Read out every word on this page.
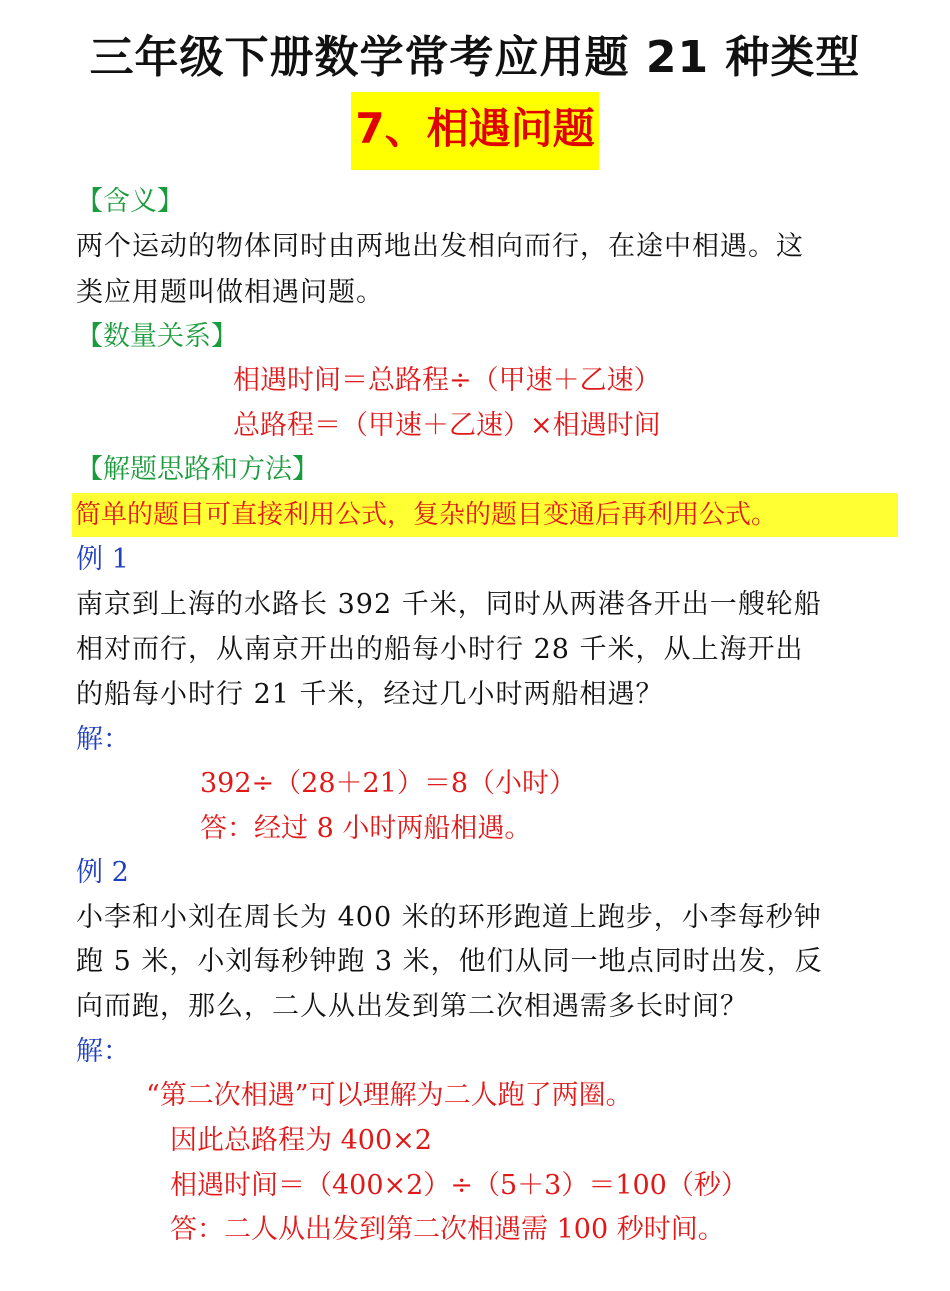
三年级下册数学常考应用题 21 种类型
7、相遇问题
【含义】
两个运动的物体同时由两地出发相向而行，在途中相遇。这
类应用题叫做相遇问题。
【数量关系】
相遇时间＝总路程÷（甲速＋乙速）
总路程＝（甲速＋乙速）×相遇时间
【解题思路和方法】
简单的题目可直接利用公式，复杂的题目变通后再利用公式。
例 1
南京到上海的水路长 392 千米，同时从两港各开出一艘轮船
相对而行，从南京开出的船每小时行 28 千米，从上海开出
的船每小时行 21 千米，经过几小时两船相遇？
解：
392÷（28＋21）＝8（小时）
答：经过 8 小时两船相遇。
例 2
小李和小刘在周长为 400 米的环形跑道上跑步，小李每秒钟
跑 5 米，小刘每秒钟跑 3 米，他们从同一地点同时出发，反
向而跑，那么，二人从出发到第二次相遇需多长时间？
解：
“第二次相遇”可以理解为二人跑了两圈。
因此总路程为 400×2
相遇时间＝（400×2）÷（5＋3）＝100（秒）
答：二人从出发到第二次相遇需 100 秒时间。
